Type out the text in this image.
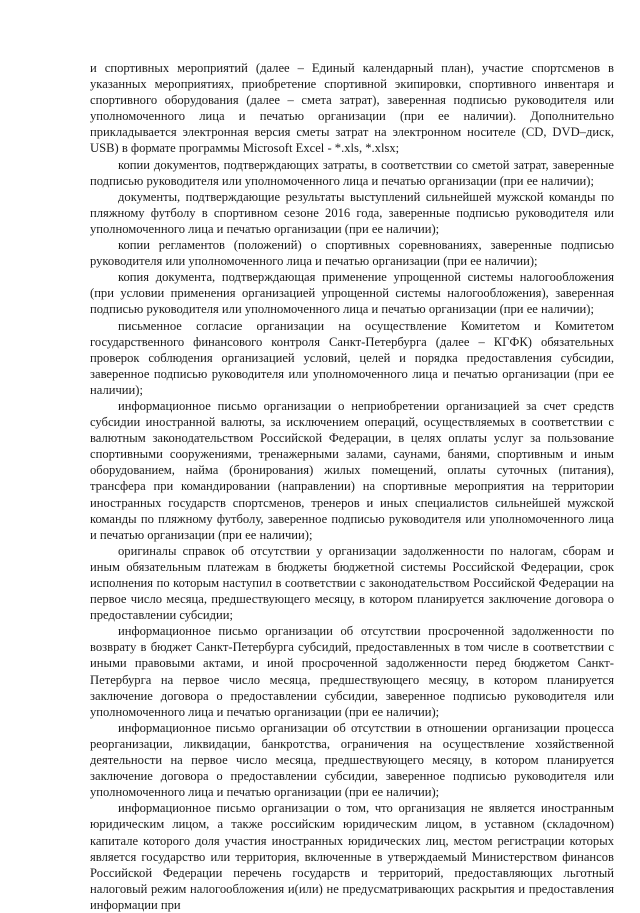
и спортивных мероприятий (далее – Единый календарный план), участие спортсменов в указанных мероприятиях, приобретение спортивной экипировки, спортивного инвентаря и спортивного оборудования (далее – смета затрат), заверенная подписью руководителя или уполномоченного лица и печатью организации (при ее наличии). Дополнительно прикладывается электронная версия сметы затрат на электронном носителе (CD, DVD–диск, USB) в формате программы Microsoft Excel - *.xls, *.xlsx;

копии документов, подтверждающих затраты, в соответствии со сметой затрат, заверенные подписью руководителя или уполномоченного лица и печатью организации (при ее наличии);

документы, подтверждающие результаты выступлений сильнейшей мужской команды по пляжному футболу в спортивном сезоне 2016 года, заверенные подписью руководителя или уполномоченного лица и печатью организации (при ее наличии);

копии регламентов (положений) о спортивных соревнованиях, заверенные подписью руководителя или уполномоченного лица и печатью организации (при ее наличии);

копия документа, подтверждающая применение упрощенной системы налогообложения (при условии применения организацией упрощенной системы налогообложения), заверенная подписью руководителя или уполномоченного лица и печатью организации (при ее наличии);

письменное согласие организации на осуществление Комитетом и Комитетом государственного финансового контроля Санкт-Петербурга (далее – КГФК) обязательных проверок соблюдения организацией условий, целей и порядка предоставления субсидии, заверенное подписью руководителя или уполномоченного лица и печатью организации (при ее наличии);

информационное письмо организации о неприобретении организацией за счет средств субсидии иностранной валюты, за исключением операций, осуществляемых в соответствии с валютным законодательством Российской Федерации, в целях оплаты услуг за пользование спортивными сооружениями, тренажерными залами, саунами, банями, спортивным и иным оборудованием, найма (бронирования) жилых помещений, оплаты суточных (питания), трансфера при командировании (направлении) на спортивные мероприятия на территории иностранных государств спортсменов, тренеров и иных специалистов сильнейшей мужской команды по пляжному футболу, заверенное подписью руководителя или уполномоченного лица и печатью организации (при ее наличии);

оригиналы справок об отсутствии у организации задолженности по налогам, сборам и иным обязательным платежам в бюджеты бюджетной системы Российской Федерации, срок исполнения по которым наступил в соответствии с законодательством Российской Федерации на первое число месяца, предшествующего месяцу, в котором планируется заключение договора о предоставлении субсидии;

информационное письмо организации об отсутствии просроченной задолженности по возврату в бюджет Санкт-Петербурга субсидий, предоставленных в том числе в соответствии с иными правовыми актами, и иной просроченной задолженности перед бюджетом Санкт-Петербурга на первое число месяца, предшествующего месяцу, в котором планируется заключение договора о предоставлении субсидии, заверенное подписью руководителя или уполномоченного лица и печатью организации (при ее наличии);

информационное письмо организации об отсутствии в отношении организации процесса реорганизации, ликвидации, банкротства, ограничения на осуществление хозяйственной деятельности на первое число месяца, предшествующего месяцу, в котором планируется заключение договора о предоставлении субсидии, заверенное подписью руководителя или уполномоченного лица и печатью организации (при ее наличии);

информационное письмо организации о том, что организация не является иностранным юридическим лицом, а также российским юридическим лицом, в уставном (складочном) капитале которого доля участия иностранных юридических лиц, местом регистрации которых является государство или территория, включенные в утверждаемый Министерством финансов Российской Федерации перечень государств и территорий, предоставляющих льготный налоговый режим налогообложения и(или) не предусматривающих раскрытия и предоставления информации при
